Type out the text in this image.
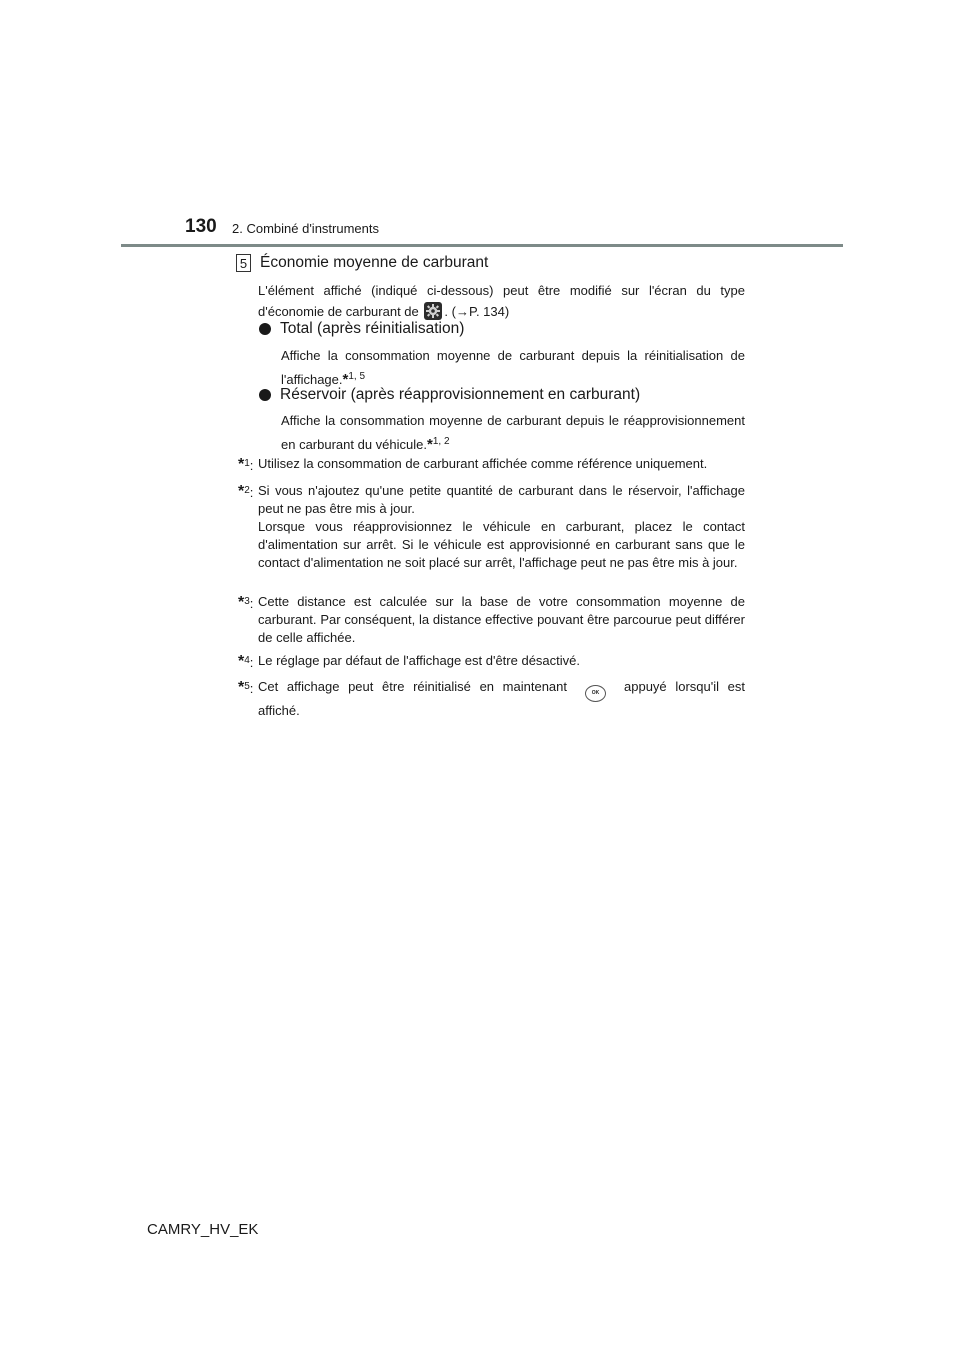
130 2. Combiné d'instruments
5 Économie moyenne de carburant
L'élément affiché (indiqué ci-dessous) peut être modifié sur l'écran du type d'économie de carburant de . (→P. 134)
Total (après réinitialisation)
Affiche la consommation moyenne de carburant depuis la réinitialisation de l'affichage.*$^{1, 5}$
Réservoir (après réapprovisionnement en carburant)
Affiche la consommation moyenne de carburant depuis le réapprovisionnement en carburant du véhicule.*$^{1, 2}$
*$^1$: Utilisez la consommation de carburant affichée comme référence uniquement.
*$^2$: Si vous n'ajoutez qu'une petite quantité de carburant dans le réservoir, l'affichage peut ne pas être mis à jour.
Lorsque vous réapprovisionnez le véhicule en carburant, placez le contact d'alimentation sur arrêt. Si le véhicule est approvisionné en carburant sans que le contact d'alimentation ne soit placé sur arrêt, l'affichage peut ne pas être mis à jour.
*$^3$: Cette distance est calculée sur la base de votre consommation moyenne de carburant. Par conséquent, la distance effective pouvant être parcourue peut différer de celle affichée.
*$^4$: Le réglage par défaut de l'affichage est d'être désactivé.
*$^5$: Cet affichage peut être réinitialisé en maintenant	OK appuyé lorsqu'il est affiché.
CAMRY_HV_EK
